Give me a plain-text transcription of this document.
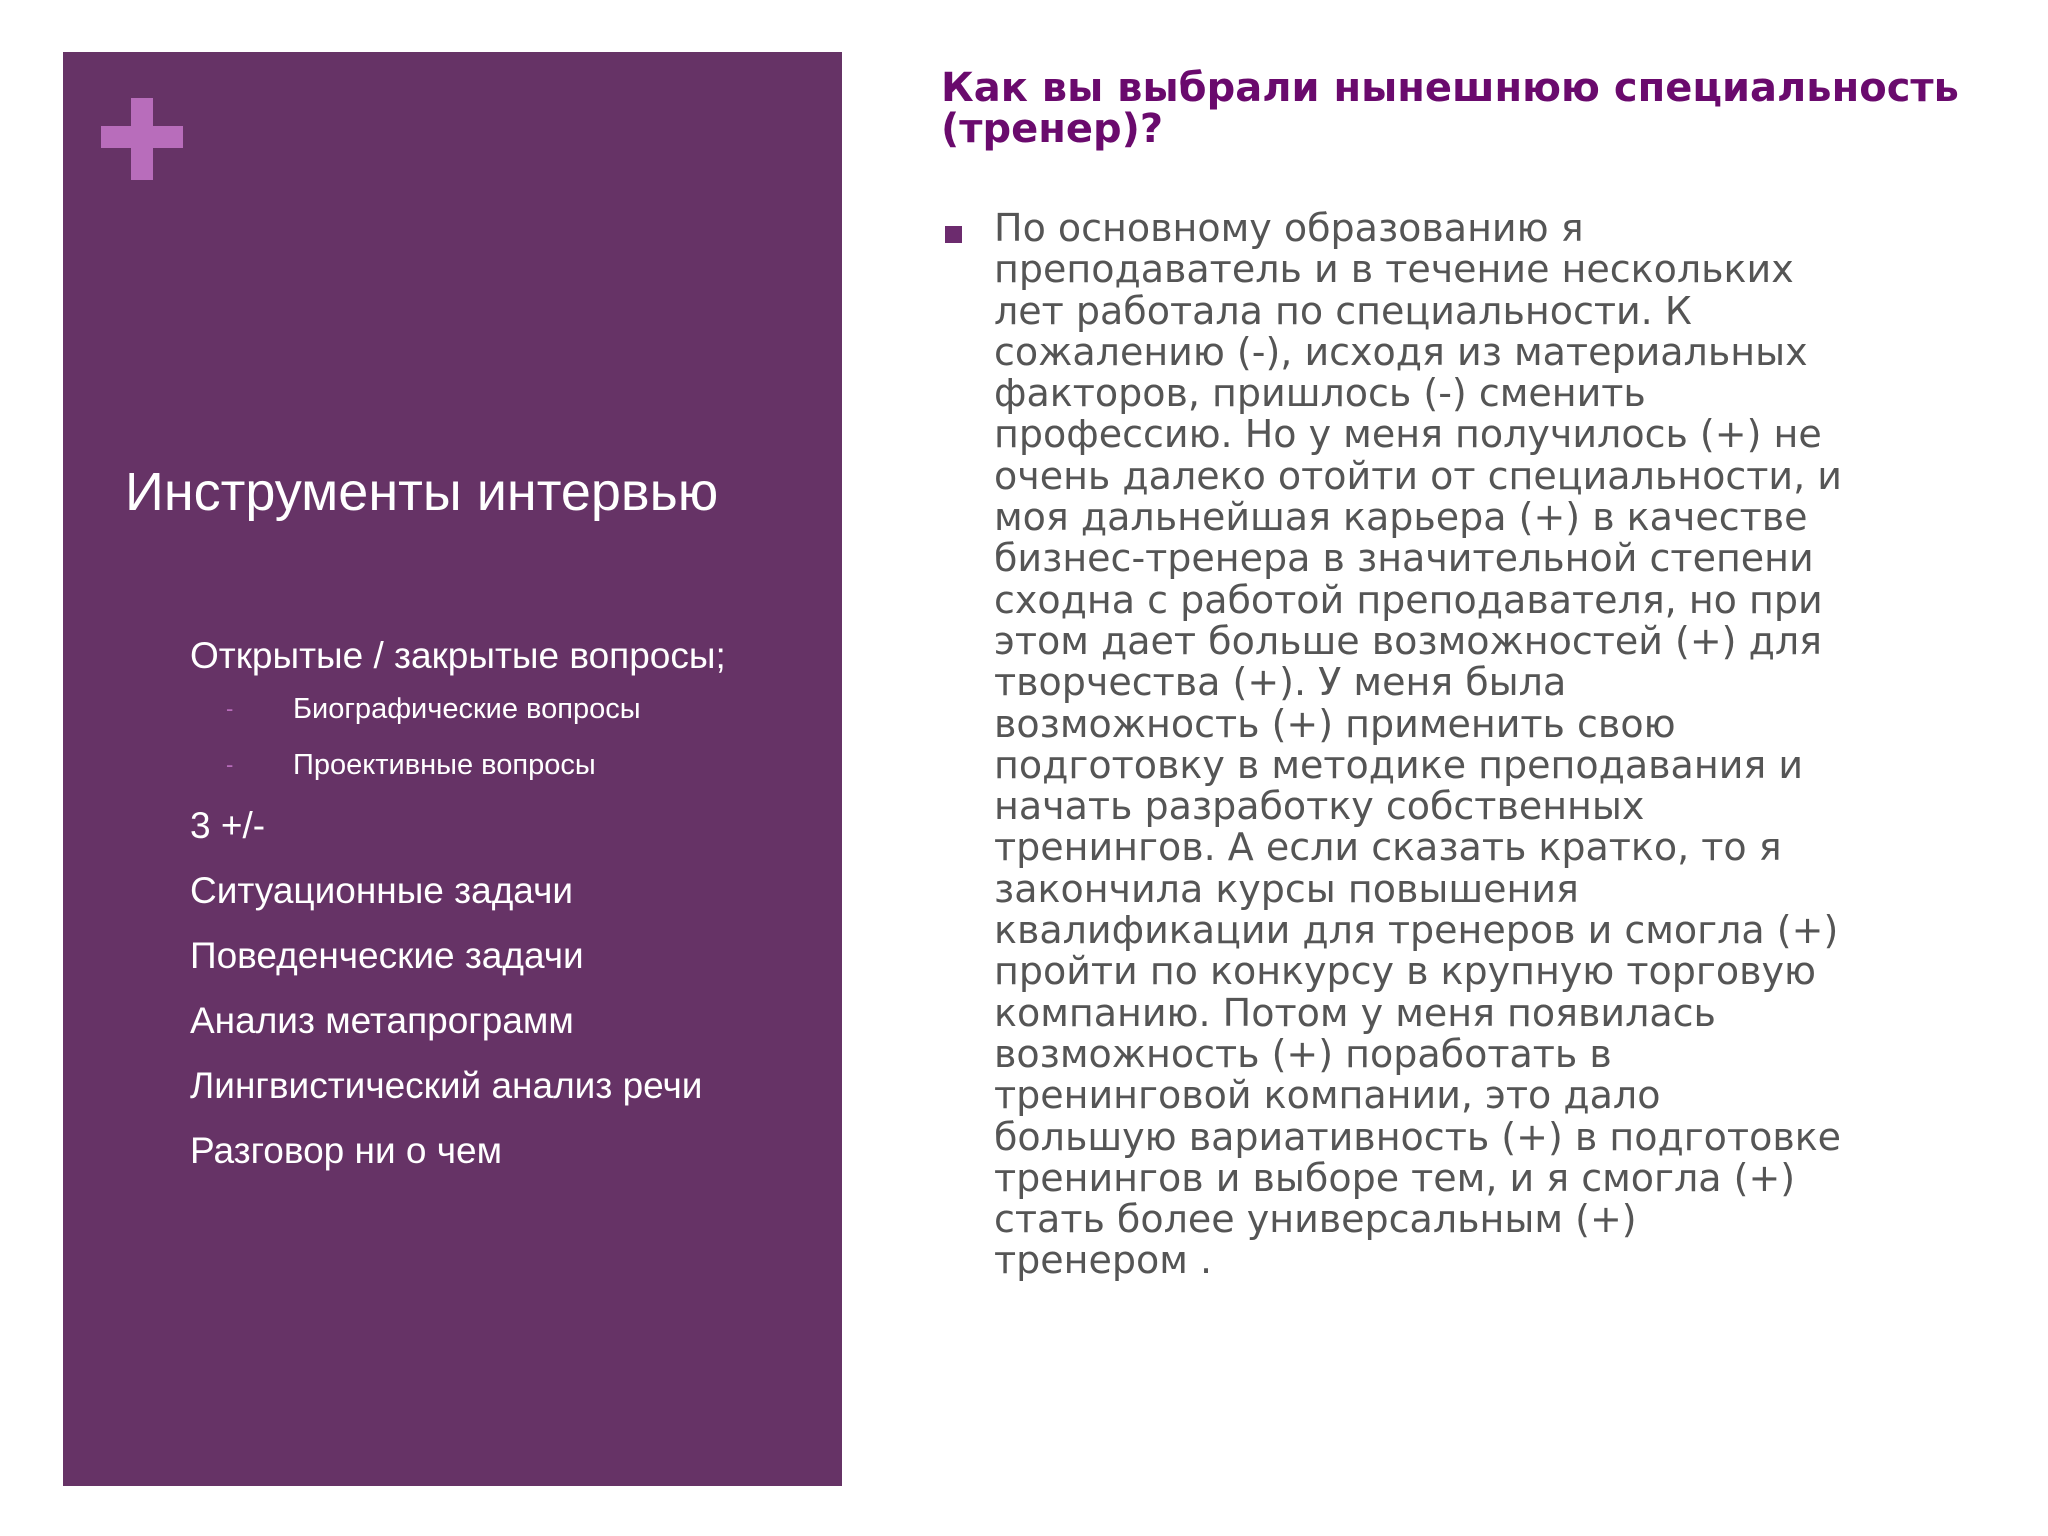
Инструменты интервью
Открытые / закрытые вопросы;
- Биографические вопросы
- Проективные вопросы
3 +/-
Ситуационные задачи
Поведенческие задачи
Анализ метапрограмм
Лингвистический анализ речи
Разговор ни о чем
Как вы выбрали нынешнюю специальность (тренер)?

По основному образованию я
преподаватель и в течение нескольких
лет работала по специальности. К
сожалению (-), исходя из материальных
факторов, пришлось (-) сменить
профессию. Но у меня получилось (+) не
очень далеко отойти от специальности, и
моя дальнейшая карьера (+) в качестве
бизнес-тренера в значительной степени
сходна с работой преподавателя, но при
этом дает больше возможностей (+) для
творчества (+). У меня была
возможность (+) применить свою
подготовку в методике преподавания и
начать разработку собственных
тренингов. А если сказать кратко, то я
закончила курсы повышения
квалификации для тренеров и смогла (+)
пройти по конкурсу в крупную торговую
компанию. Потом у меня появилась
возможность (+) поработать в
тренинговой компании, это дало
большую вариативность (+) в подготовке
тренингов и выборе тем, и я смогла (+)
стать более универсальным (+)
тренером .
